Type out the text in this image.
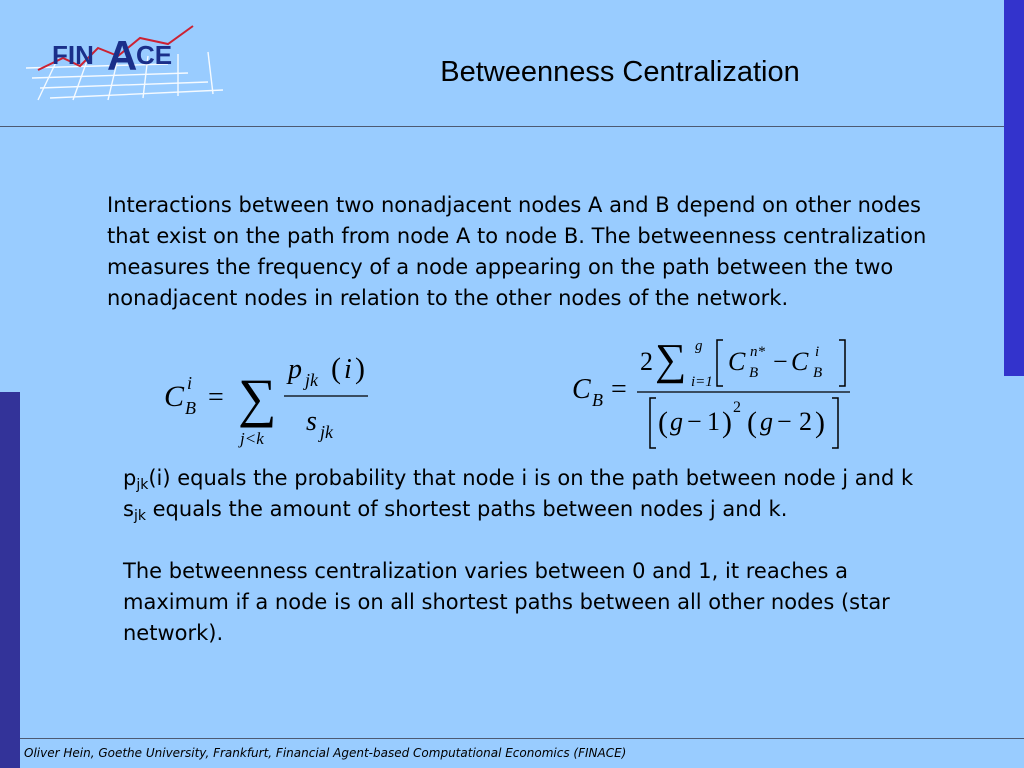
FIN A
CE
Betweenness Centralization

Interactions between two nonadjacent nodes A and B depend on other nodes that exist on the path from node A to node B. The betweenness centralization measures the frequency of a node appearing on the path between the two nonadjacent nodes in relation to the other nodes of the network.

C i
B = ∑
j<k
p jk ( i )
s jk
C B =
2 ∑ g
i=1
C n*
B − C i
B
( g − 1 ) 2 ( g − 2 )

$p_{jk}(i)$ equals the probability that node i is on the path between node j and k

$s_{jk}$ equals the amount of shortest paths between nodes j and k.

The betweenness centralization varies between 0 and 1, it reaches a maximum if a node is on all shortest paths between all other nodes (star network).

Oliver Hein, Goethe University, Frankfurt, Financial Agent-based Computational Economics (FINACE)
